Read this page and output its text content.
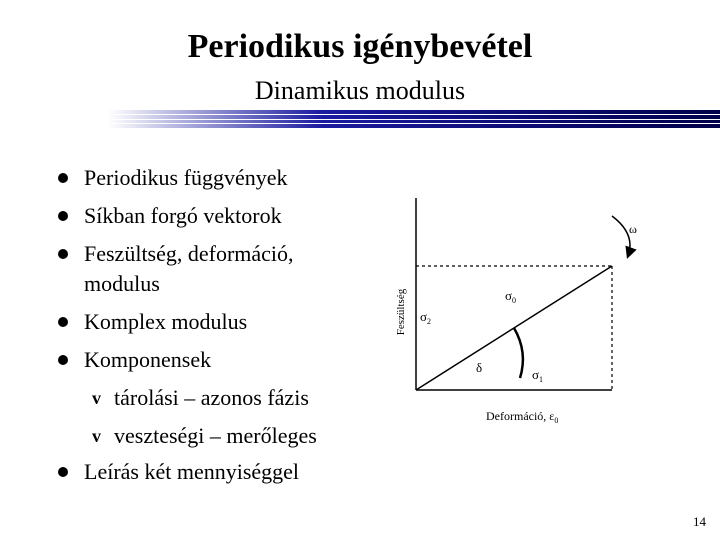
Periodikus igénybevétel
Dinamikus modulus
Periodikus függvények
Síkban forgó vektorok
Feszültség, deformáció,
modulus
Komplex modulus
Komponensek
v tárolási – azonos fázis
v veszteségi – merőleges
Leírás két mennyiséggel
Feszültség
ω
$\sigma_0$
$\sigma_2$
δ	$\sigma_1$
Deformáció, $\varepsilon_0$
14
